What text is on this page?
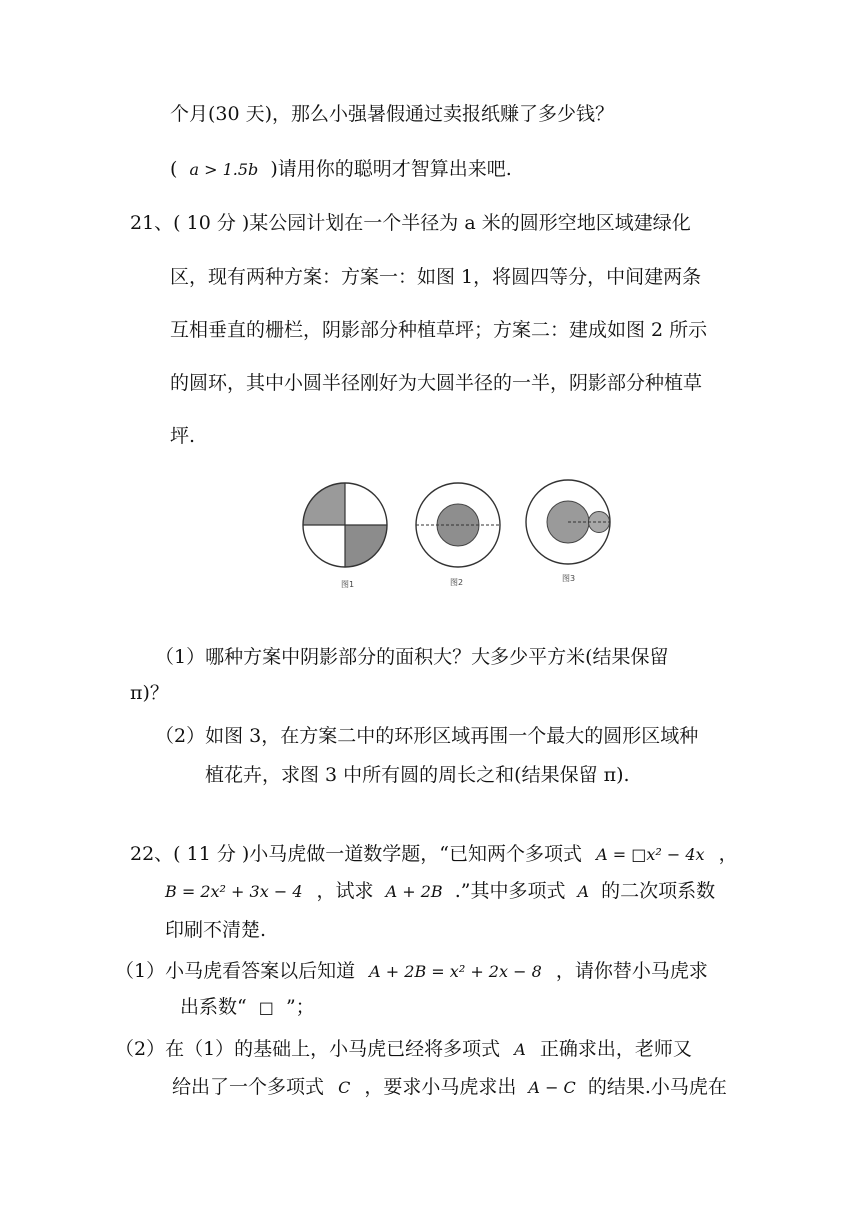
个月(30 天)，那么小强暑假通过卖报纸赚了多少钱？
( a > 1.5b )请用你的聪明才智算出来吧.
21、( 10 分 )某公园计划在一个半径为 a 米的圆形空地区域建绿化
区，现有两种方案：方案一：如图 1，将圆四等分，中间建两条
互相垂直的栅栏，阴影部分种植草坪；方案二：建成如图 2 所示
的圆环，其中小圆半径刚好为大圆半径的一半，阴影部分种植草
坪.
图1	图2	图3
（1）哪种方案中阴影部分的面积大？大多少平方米(结果保留
π)？
（2）如图 3，在方案二中的环形区域再围一个最大的圆形区域种
植花卉，求图 3 中所有圆的周长之和(结果保留 π).
22、( 11 分 )小马虎做一道数学题，“已知两个多项式 A = □x² − 4x ，
B = 2x² + 3x − 4 ，试求 A + 2B .”其中多项式 A 的二次项系数
印刷不清楚.
（1）小马虎看答案以后知道 A + 2B = x² + 2x − 8 ，请你替小马虎求
出系数“ □ ”；
（2）在（1）的基础上，小马虎已经将多项式 A 正确求出，老师又
给出了一个多项式 C ，要求小马虎求出 A − C 的结果.小马虎在
